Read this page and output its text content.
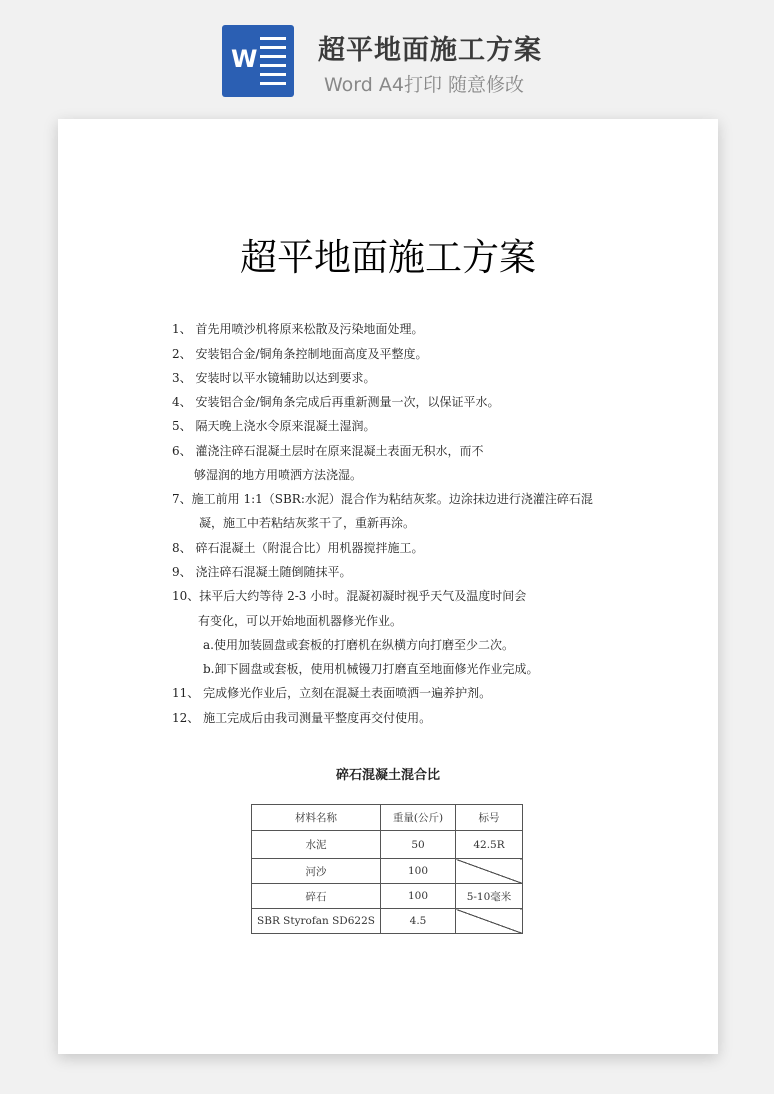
W 超平地面施工方案
Word A4打印 随意修改
超平地面施工方案
1、 首先用喷沙机将原来松散及污染地面处理。
2、 安装铝合金/铜角条控制地面高度及平整度。
3、 安装时以平水镜辅助以达到要求。
4、 安装铝合金/铜角条完成后再重新测量一次，以保证平水。
5、 隔天晚上浇水令原来混凝土湿润。
6、 灌浇注碎石混凝土层时在原来混凝土表面无积水，而不
够湿润的地方用喷洒方法浇湿。
7、施工前用 1:1（SBR:水泥）混合作为粘结灰浆。边涂抹边进行浇灌注碎石混
凝，施工中若粘结灰浆干了，重新再涂。
8、 碎石混凝土（附混合比）用机器搅拌施工。
9、 浇注碎石混凝土随倒随抹平。
10、抹平后大约等待 2-3 小时。混凝初凝时视乎天气及温度时间会
有变化，可以开始地面机器修光作业。
a.使用加装圆盘或套板的打磨机在纵横方向打磨至少二次。
b.卸下圆盘或套板，使用机械镘刀打磨直至地面修光作业完成。
11、 完成修光作业后，立刻在混凝土表面喷洒一遍养护剂。
12、 施工完成后由我司测量平整度再交付使用。
碎石混凝土混合比
材料名称	重量(公斤)	标号
水泥	50	42.5R
河沙	100	
碎石	100	5-10毫米
SBR Styrofan SD622S	4.5	
